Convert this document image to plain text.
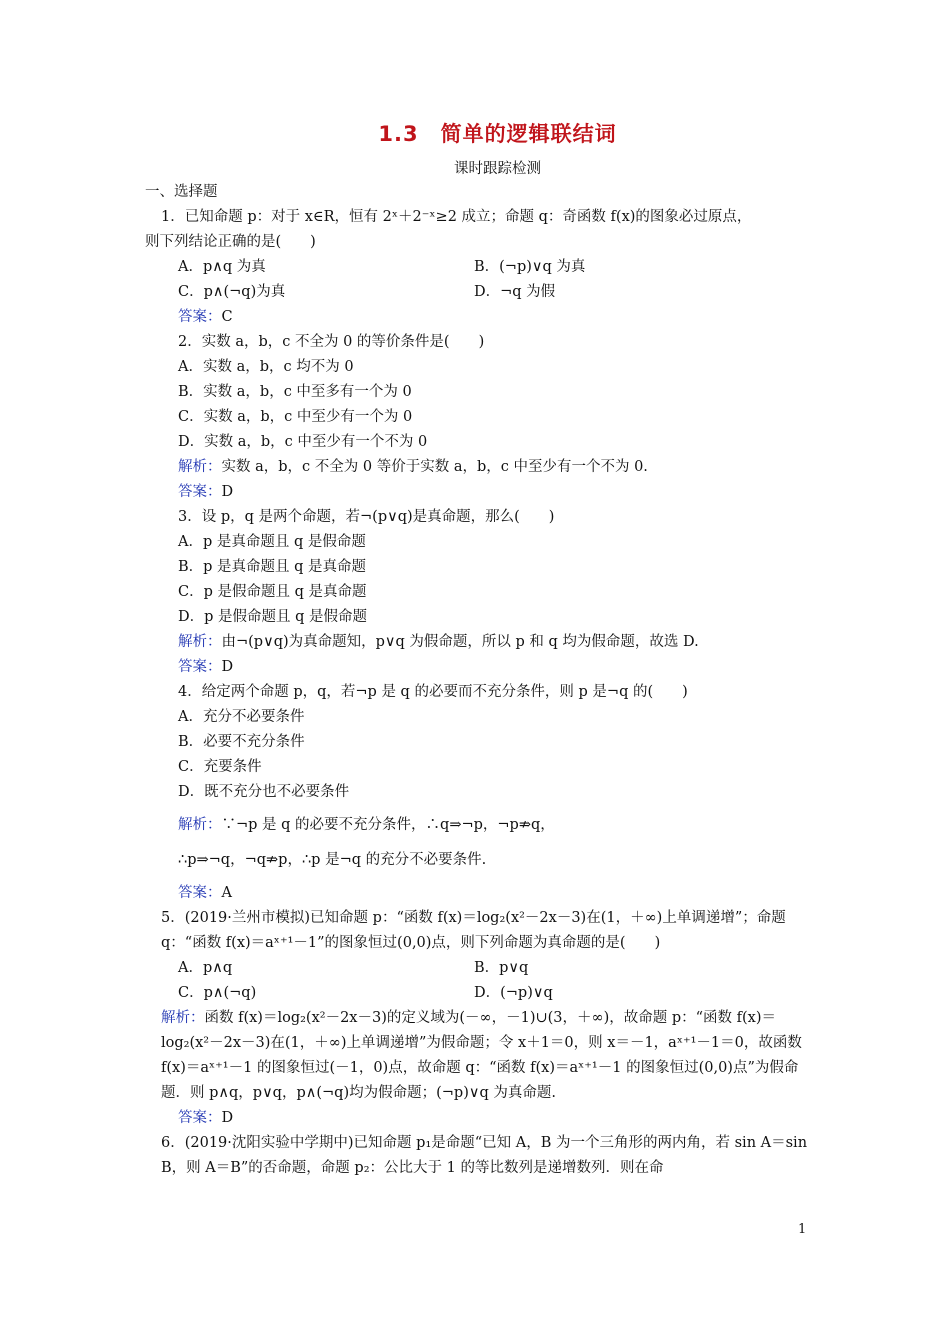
1.3　简单的逻辑联结词
课时跟踪检测
一、选择题
1．已知命题 p：对于 x∈R，恒有 2ˣ＋2⁻ˣ≥2 成立；命题 q：奇函数 f(x)的图象必过原点，
则下列结论正确的是(　　)
A．p∧q 为真	B．(¬p)∨q 为真
C．p∧(¬q)为真	D．¬q 为假
答案：C
2．实数 a，b，c 不全为 0 的等价条件是(　　)
A．实数 a，b，c 均不为 0
B．实数 a，b，c 中至多有一个为 0
C．实数 a，b，c 中至少有一个为 0
D．实数 a，b，c 中至少有一个不为 0
解析：实数 a，b，c 不全为 0 等价于实数 a，b，c 中至少有一个不为 0.
答案：D
3．设 p，q 是两个命题，若¬(p∨q)是真命题，那么(　　)
A．p 是真命题且 q 是假命题
B．p 是真命题且 q 是真命题
C．p 是假命题且 q 是真命题
D．p 是假命题且 q 是假命题
解析：由¬(p∨q)为真命题知，p∨q 为假命题，所以 p 和 q 均为假命题，故选 D.
答案：D
4．给定两个命题 p，q，若¬p 是 q 的必要而不充分条件，则 p 是¬q 的(　　)
A．充分不必要条件
B．必要不充分条件
C．充要条件
D．既不充分也不必要条件
解析：∵¬p 是 q 的必要不充分条件，∴q⇒¬p，¬p⇏q，
∴p⇒¬q，¬q⇏p，∴p 是¬q 的充分不必要条件.
答案：A
5．(2019·兰州市模拟)已知命题 p：“函数 f(x)＝log₂(x²－2x－3)在(1，＋∞)上单调递增”；命题 q：“函数 f(x)＝aˣ⁺¹－1”的图象恒过(0,0)点，则下列命题为真命题的是(　　)
A．p∧q	B．p∨q
C．p∧(¬q)	D．(¬p)∨q
解析：函数 f(x)＝log₂(x²－2x－3)的定义域为(－∞，－1)∪(3，＋∞)，故命题 p：“函数 f(x)＝log₂(x²－2x－3)在(1，＋∞)上单调递增”为假命题；令 x＋1＝0，则 x＝－1，aˣ⁺¹－1＝0，故函数 f(x)＝aˣ⁺¹－1 的图象恒过(－1，0)点，故命题 q：“函数 f(x)＝aˣ⁺¹－1 的图象恒过(0,0)点”为假命题．则 p∧q，p∨q，p∧(¬q)均为假命题；(¬p)∨q 为真命题.
答案：D
6．(2019·沈阳实验中学期中)已知命题 p₁是命题“已知 A，B 为一个三角形的两内角，若 sin A＝sin B，则 A＝B”的否命题，命题 p₂：公比大于 1 的等比数列是递增数列．则在命
1
